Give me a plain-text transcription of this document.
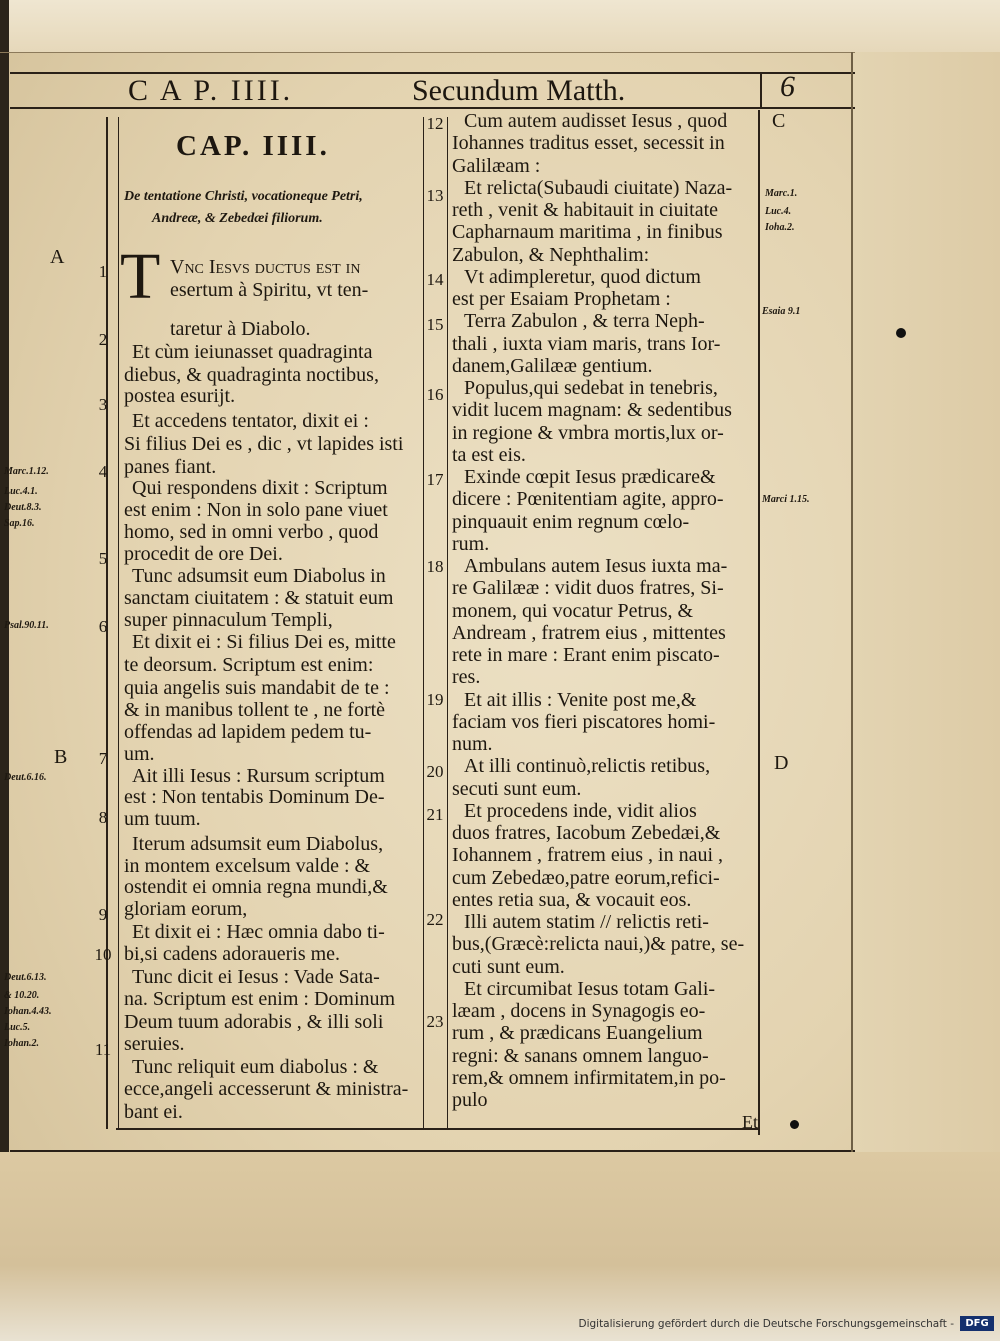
C A P. IIII.	Secundum Matth.	6
CAP. IIII.
De tentatione Christi, vocationeque Petri,
Andreæ, & Zebedæi filiorum.
T Vnc Iesvs ductus est in
esertum à Spiritu, vt ten-
taretur à Diabolo.
Et cùm ieiunasset quadraginta
diebus, & quadraginta noctibus,
postea esurijt.
Et accedens tentator, dixit ei :
Si filius Dei es , dic , vt lapides isti
panes fiant.
Qui respondens dixit : Scriptum
est enim : Non in solo pane viuet
homo, sed in omni verbo , quod
procedit de ore Dei.
Tunc adsumsit eum Diabolus in
sanctam ciuitatem : & statuit eum
super pinnaculum Templi,
Et dixit ei : Si filius Dei es, mitte
te deorsum. Scriptum est enim:
quia angelis suis mandabit de te :
& in manibus tollent te , ne fortè
offendas ad lapidem pedem tu-
um.
Ait illi Iesus : Rursum scriptum
est : Non tentabis Dominum De-
um tuum.
Iterum adsumsit eum Diabolus,
in montem excelsum valde : &
ostendit ei omnia regna mundi,&
gloriam eorum,
Et dixit ei : Hæc omnia dabo ti-
bi,si cadens adoraueris me.
Tunc dicit ei Iesus : Vade Sata-
na. Scriptum est enim : Dominum
Deum tuum adorabis , & illi soli
seruies.
Tunc reliquit eum diabolus : &
ecce,angeli accesserunt & ministra-
bant ei.
Cum autem audisset Iesus , quod
Iohannes traditus esset, secessit in
Galilæam :
Et relicta(Subaudi ciuitate) Naza-
reth , venit & habitauit in ciuitate
Capharnaum maritima , in finibus
Zabulon, & Nephthalim:
Vt adimpleretur, quod dictum
est per Esaiam Prophetam :
Terra Zabulon , & terra Neph-
thali , iuxta viam maris, trans Ior-
danem,Galilææ gentium.
Populus,qui sedebat in tenebris,
vidit lucem magnam: & sedentibus
in regione & vmbra mortis,lux or-
ta est eis.
Exinde cœpit Iesus prædicare&
dicere : Pœnitentiam agite, appro-
pinquauit enim regnum cœlo-
rum.
Ambulans autem Iesus iuxta ma-
re Galilææ : vidit duos fratres, Si-
monem, qui vocatur Petrus, &
Andream , fratrem eius , mittentes
rete in mare : Erant enim piscato-
res.
Et ait illis : Venite post me,&
faciam vos fieri piscatores homi-
num.
At illi continuò,relictis retibus,
secuti sunt eum.
Et procedens inde, vidit alios
duos fratres, Iacobum Zebedæi,&
Iohannem , fratrem eius , in naui ,
cum Zebedæo,patre eorum,refici-
entes retia sua, & vocauit eos.
Illi autem statim // relictis reti-
bus,(Græcè:relicta naui,)& patre, se-
cuti sunt eum.
Et circumibat Iesus totam Gali-
læam , docens in Synagogis eo-
rum , & prædicans Euangelium
regni: & sanans omnem languo-
rem,& omnem infirmitatem,in po-
pulo
1
2
3
4
5
6
7
8
9
10
11
12
13
14
15
16
17
18
19
20
21
22
23
Marc.1.12.
Luc.4.1.
Deut.8.3.
Sap.16.
Psal.90.11.
Deut.6.16.
Deut.6.13.
& 10.20.
Iohan.4.43.
Luc.5.
Iohan.2.
Marc.1.
Luc.4.
Ioha.2.
Esaia 9.1
Marci 1.15.
A
B
C
D
Et
Digitalisierung gefördert durch die Deutsche Forschungsgemeinschaft -	DFG
